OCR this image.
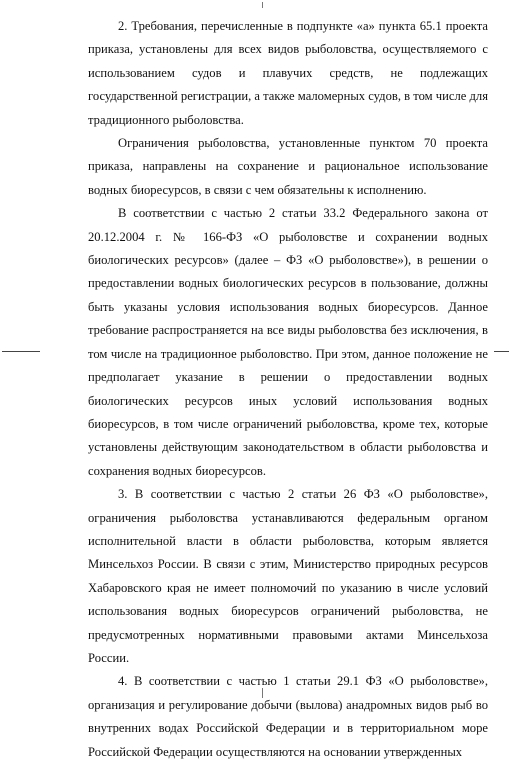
2. Требования, перечисленные в подпункте «а» пункта 65.1 проекта приказа, установлены для всех видов рыболовства, осуществляемого с использованием судов и плавучих средств, не подлежащих государственной регистрации, а также маломерных судов, в том числе для традиционного рыболовства.

Ограничения рыболовства, установленные пунктом 70 проекта приказа, направлены на сохранение и рациональное использование водных биоресурсов, в связи с чем обязательны к исполнению.

В соответствии с частью 2 статьи 33.2 Федерального закона от 20.12.2004 г. № 166-ФЗ «О рыболовстве и сохранении водных биологических ресурсов» (далее – ФЗ «О рыболовстве»), в решении о предоставлении водных биологических ресурсов в пользование, должны быть указаны условия использования водных биоресурсов. Данное требование распространяется на все виды рыболовства без исключения, в том числе на традиционное рыболовство. При этом, данное положение не предполагает указание в решении о предоставлении водных биологических ресурсов иных условий использования водных биоресурсов, в том числе ограничений рыболовства, кроме тех, которые установлены действующим законодательством в области рыболовства и сохранения водных биоресурсов.

3. В соответствии с частью 2 статьи 26 ФЗ «О рыболовстве», ограничения рыболовства устанавливаются федеральным органом исполнительной власти в области рыболовства, которым является Минсельхоз России. В связи с этим, Министерство природных ресурсов Хабаровского края не имеет полномочий по указанию в числе условий использования водных биоресурсов ограничений рыболовства, не предусмотренных нормативными правовыми актами Минсельхоза России.

4. В соответствии с частью 1 статьи 29.1 ФЗ «О рыболовстве», организация и регулирование добычи (вылова) анадромных видов рыб во внутренних водах Российской Федерации и в территориальном море Российской Федерации осуществляются на основании утвержденных
